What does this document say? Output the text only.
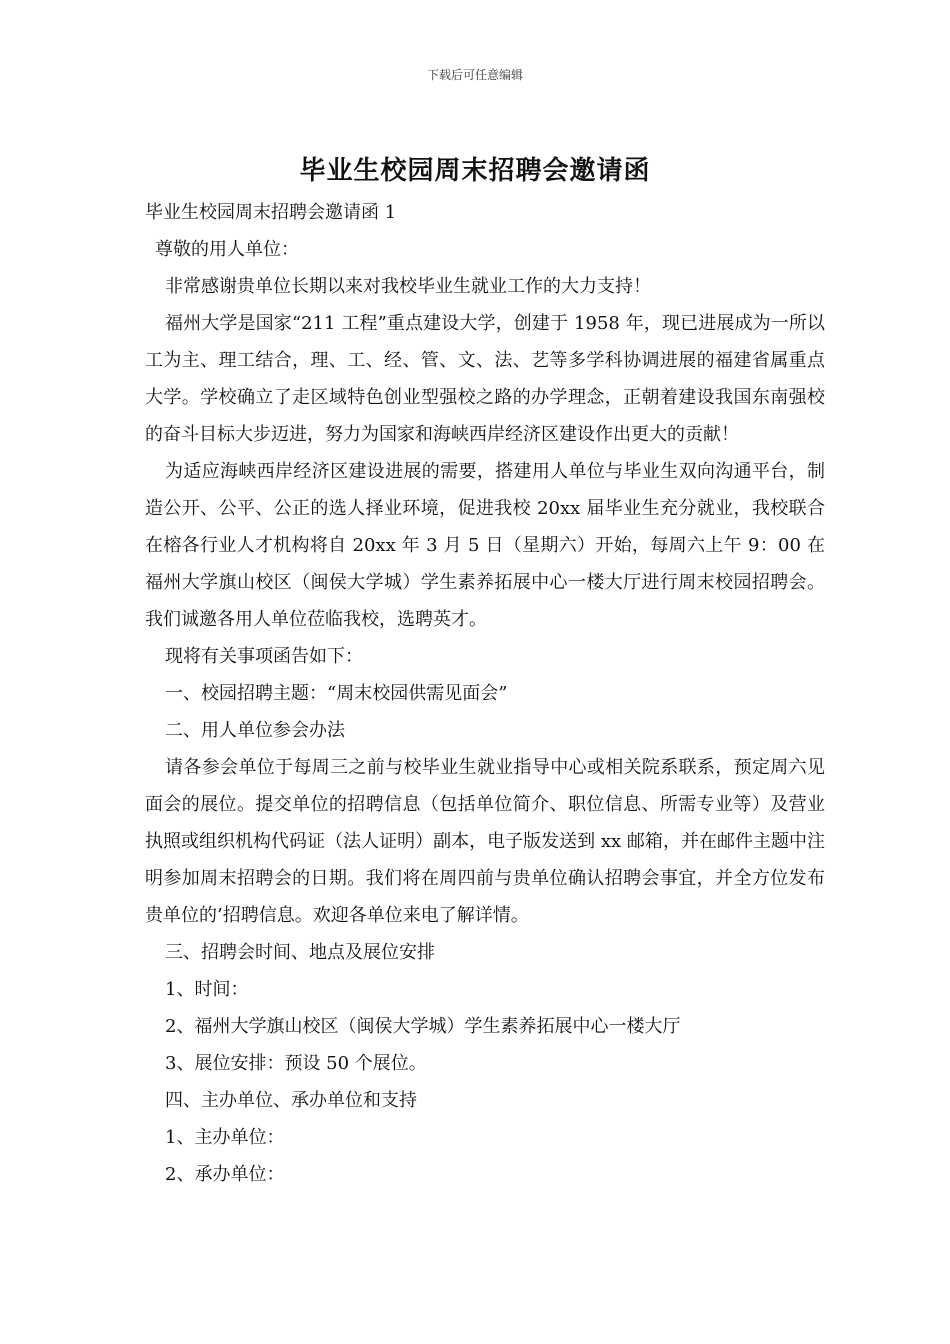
下载后可任意编辑
毕业生校园周末招聘会邀请函

毕业生校园周末招聘会邀请函 1

尊敬的用人单位：

非常感谢贵单位长期以来对我校毕业生就业工作的大力支持！

福州大学是国家“211 工程”重点建设大学，创建于 1958 年，现已进展成为一所以工为主、理工结合，理、工、经、管、文、法、艺等多学科协调进展的福建省属重点大学。学校确立了走区域特色创业型强校之路的办学理念，正朝着建设我国东南强校的奋斗目标大步迈进，努力为国家和海峡西岸经济区建设作出更大的贡献！

为适应海峡西岸经济区建设进展的需要，搭建用人单位与毕业生双向沟通平台，制造公开、公平、公正的选人择业环境，促进我校 20xx 届毕业生充分就业，我校联合在榕各行业人才机构将自 20xx 年 3 月 5 日（星期六）开始，每周六上午 9：00 在福州大学旗山校区（闽侯大学城）学生素养拓展中心一楼大厅进行周末校园招聘会。我们诚邀各用人单位莅临我校，选聘英才。

现将有关事项函告如下：

一、校园招聘主题：“周末校园供需见面会”

二、用人单位参会办法

请各参会单位于每周三之前与校毕业生就业指导中心或相关院系联系，预定周六见面会的展位。提交单位的招聘信息（包括单位简介、职位信息、所需专业等）及营业执照或组织机构代码证（法人证明）副本，电子版发送到 xx 邮箱，并在邮件主题中注明参加周末招聘会的日期。我们将在周四前与贵单位确认招聘会事宜，并全方位发布贵单位的’招聘信息。欢迎各单位来电了解详情。

三、招聘会时间、地点及展位安排

1、时间：

2、福州大学旗山校区（闽侯大学城）学生素养拓展中心一楼大厅

3、展位安排：预设 50 个展位。

四、主办单位、承办单位和支持

1、主办单位：

2、承办单位：
